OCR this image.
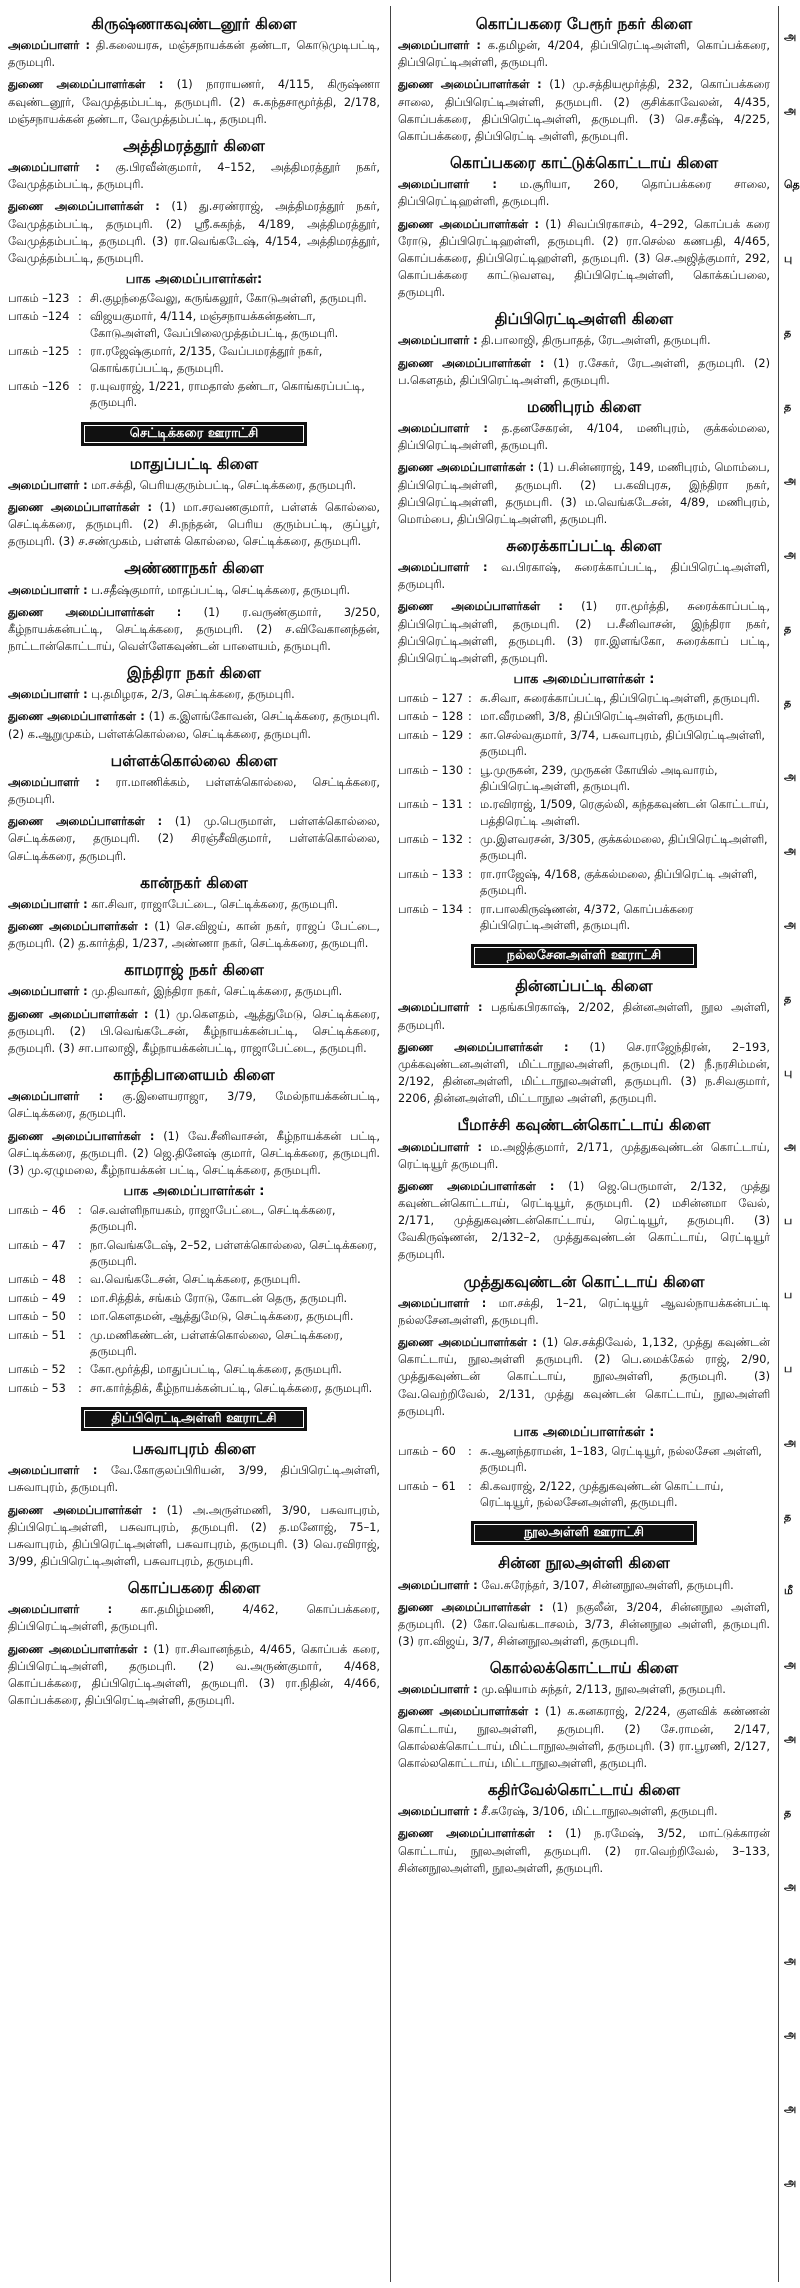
கிருஷ்ணாகவுண்டனூர் கிளை
அமைப்பாளர் : தி.கலையரசு, மஞ்சநாயக்கன் தண்டா, கொடுமுடிபட்டி, தருமபுரி.
துணை அமைப்பாளர்கள் : (1) நாராயணர், 4/115, கிருஷ்ணா கவுண்டனூர், வேமுத்தம்பட்டி, தருமபுரி. (2) சு.கந்தசாமூர்த்தி, 2/178, மஞ்சநாயக்கன் தண்டா, வேமுத்தம்பட்டி, தருமபுரி.
அத்திமரத்தூர் கிளை
அமைப்பாளர் : கு.பிரவீன்குமார், 4–152, அத்திமரத்தூர் நகர், வேமுத்தம்பட்டி, தருமபுரி.
துணை அமைப்பாளர்கள் : (1) து.சரண்ராஜ், அத்திமரத்தூர் நகர், வேமுத்தம்பட்டி, தருமபுரி. (2) ஸ்ரீ.சுகந்த், 4/189, அத்திமரத்தூர், வேமுத்தம்பட்டி, தருமபுரி. (3) ரா.வெங்கடேஷ், 4/154, அத்திமரத்தூர், வேமுத்தம்பட்டி, தருமபுரி.
பாக அமைப்பாளர்கள்:
பாகம் –123	:	சி.குழந்தைவேலு, கருங்கலூர், கோடுஅள்ளி, தருமபுரி.
பாகம் –124	:	விஜயகுமார், 4/114, மஞ்சநாயக்கன்தண்டா, கோடுஅள்ளி, வேப்பிலைமுத்தம்பட்டி, தருமபுரி.
பாகம் –125	:	ரா.ரஜேஷ்குமார், 2/135, வேப்பமரத்தூர் நகர், கொங்கரப்பட்டி, தருமபுரி.
பாகம் –126	:	ர.யுவராஜ், 1/221, ராமதாஸ் தண்டா, கொங்கரப்பட்டி, தருமபுரி.
செட்டிக்கரை ஊராட்சி
மாதுப்பட்டி கிளை
அமைப்பாளர் : மா.சக்தி, பெரியகுரும்பட்டி, செட்டிக்கரை, தருமபுரி.
துணை அமைப்பாளர்கள் : (1) மா.சரவணகுமார், பள்ளக் கொல்லை, செட்டிக்கரை, தருமபுரி. (2) சி.நந்தன், பெரிய குரும்பட்டி, குப்பூர், தருமபுரி. (3) ச.சண்முகம், பள்ளக் கொல்லை, செட்டிக்கரை, தருமபுரி.
அண்ணாநகர் கிளை
அமைப்பாளர் : ப.சதீஷ்குமார், மாதப்பட்டி, செட்டிக்கரை, தருமபுரி.
துணை அமைப்பாளர்கள் : (1) ர.வருண்குமார், 3/250, கீழ்நாயக்கன்பட்டி, செட்டிக்கரை, தருமபுரி. (2) ச.விவேகானந்தன், நாட்டான்கொட்டாய், வெள்ளேகவுண்டன் பாளையம், தருமபுரி.
இந்திரா நகர் கிளை
அமைப்பாளர் : பு.தமிழரசு, 2/3, செட்டிக்கரை, தருமபுரி.
துணை அமைப்பாளர்கள் : (1) க.இளங்கோவன், செட்டிக்கரை, தருமபுரி. (2) க.ஆறுமுகம், பள்ளக்கொல்லை, செட்டிக்கரை, தருமபுரி.
பள்ளக்கொல்லை கிளை
அமைப்பாளர் : ரா.மாணிக்கம், பள்ளக்கொல்லை, செட்டிக்கரை, தருமபுரி.
துணை அமைப்பாளர்கள் : (1) மு.பெருமாள், பள்ளக்கொல்லை, செட்டிக்கரை, தருமபுரி. (2) சிரஞ்சீவிகுமார், பள்ளக்கொல்லை, செட்டிக்கரை, தருமபுரி.
கான்நகர் கிளை
அமைப்பாளர் : கா.சிவா, ராஜாபேட்டை, செட்டிக்கரை, தருமபுரி.
துணை அமைப்பாளர்கள் : (1) செ.விஜய், கான் நகர், ராஜப் பேட்டை, தருமபுரி. (2) த.கார்த்தி, 1/237, அண்ணா நகர், செட்டிக்கரை, தருமபுரி.
காமராஜ் நகர் கிளை
அமைப்பாளர் : மு.திவாகர், இந்திரா நகர், செட்டிக்கரை, தருமபுரி.
துணை அமைப்பாளர்கள் : (1) மு.கௌதம், ஆத்துமேடு, செட்டிக்கரை, தருமபுரி. (2) பி.வெங்கடேசன், கீழ்நாயக்கன்பட்டி, செட்டிக்கரை, தருமபுரி. (3) சா.பாலாஜி, கீழ்நாயக்கன்பட்டி, ராஜாபேட்டை, தருமபுரி.
காந்திபாளையம் கிளை
அமைப்பாளர் : கு.இளையராஜா, 3/79, மேல்நாயக்கன்பட்டி, செட்டிக்கரை, தருமபுரி.
துணை அமைப்பாளர்கள் : (1) வே.சீனிவாசன், கீழ்நாயக்கன் பட்டி, செட்டிக்கரை, தருமபுரி. (2) ஜெ.தினேஷ் குமார், செட்டிக்கரை, தருமபுரி. (3) மு.ஏழுமலை, கீழ்நாயக்கன் பட்டி, செட்டிக்கரை, தருமபுரி.
பாக அமைப்பாளர்கள் :
பாகம் – 46	:	செ.வள்ளிநாயகம், ராஜாபேட்டை, செட்டிக்கரை, தருமபுரி.
பாகம் – 47	:	நா.வெங்கடேஷ், 2–52, பள்ளக்கொல்லை, செட்டிக்கரை, தருமபுரி.
பாகம் – 48	:	வ.வெங்கடேசன், செட்டிக்கரை, தருமபுரி.
பாகம் – 49	:	மா.சித்திக், சங்கம் ரோடு, கோடன் தெரு, தருமபுரி.
பாகம் – 50	:	மா.கௌதமன், ஆத்துமேடு, செட்டிக்கரை, தருமபுரி.
பாகம் – 51	:	மு.மணிகண்டன், பள்ளக்கொல்லை, செட்டிக்கரை, தருமபுரி.
பாகம் – 52	:	கோ.மூர்த்தி, மாதுப்பட்டி, செட்டிக்கரை, தருமபுரி.
பாகம் – 53	:	சா.கார்த்திக், கீழ்நாயக்கன்பட்டி, செட்டிக்கரை, தருமபுரி.
திப்பிரெட்டிஅள்ளி ஊராட்சி
பசுவாபுரம் கிளை
அமைப்பாளர் : வே.கோகுலப்பிரியன், 3/99, திப்பிரெட்டிஅள்ளி, பசுவாபுரம், தருமபுரி.
துணை அமைப்பாளர்கள் : (1) அ.அருள்மணி, 3/90, பசுவாபுரம், திப்பிரெட்டிஅள்ளி, பசுவாபுரம், தருமபுரி. (2) த.மனோஜ், 75–1, பசுவாபுரம், திப்பிரெட்டிஅள்ளி, பசுவாபுரம், தருமபுரி. (3) வெ.ரவிராஜ், 3/99, திப்பிரெட்டிஅள்ளி, பசுவாபுரம், தருமபுரி.
கொப்பகரை கிளை
அமைப்பாளர் : கா.தமிழ்மணி, 4/462, கொப்பக்கரை, திப்பிரெட்டிஅள்ளி, தருமபுரி.
துணை அமைப்பாளர்கள் : (1) ரா.சிவானந்தம், 4/465, கொப்பக் கரை, திப்பிரெட்டிஅள்ளி, தருமபுரி. (2) வ.அருண்குமார், 4/468, கொப்பக்கரை, திப்பிரெட்டிஅள்ளி, தருமபுரி. (3) ரா.நிதின், 4/466, கொப்பக்கரை, திப்பிரெட்டிஅள்ளி, தருமபுரி.
கொப்பகரை பேரூர் நகர் கிளை
அமைப்பாளர் : க.தமிழன், 4/204, திப்பிரெட்டிஅள்ளி, கொப்பக்கரை, திப்பிரெட்டிஅள்ளி, தருமபுரி.
துணை அமைப்பாளர்கள் : (1) மு.சத்தியமூர்த்தி, 232, கொப்பக்கரை சாலை, திப்பிரெட்டிஅள்ளி, தருமபுரி. (2) குசிக்காவேலன், 4/435, கொப்பக்கரை, திப்பிரெட்டிஅள்ளி, தருமபுரி. (3) செ.சதீஷ், 4/225, கொப்பக்கரை, திப்பிரெட்டி அள்ளி, தருமபுரி.
கொப்பகரை காட்டுக்கொட்டாய் கிளை
அமைப்பாளர் : ம.சூரியா, 260, தொப்பக்கரை சாலை, திப்பிரெட்டிஹள்ளி, தருமபுரி.
துணை அமைப்பாளர்கள் : (1) சிவப்பிரகாசம், 4–292, கொப்பக் கரை ரோடு, திப்பிரெட்டிஹள்ளி, தருமபுரி. (2) ரா.செல்ல கணபதி, 4/465, கொப்பக்கரை, திப்பிரெட்டிஹள்ளி, தருமபுரி. (3) செ.அஜித்குமார், 292, கொப்பக்கரை காட்டுவளவு, திப்பிரெட்டிஅள்ளி, கொக்கப்பலை, தருமபுரி.
திப்பிரெட்டிஅள்ளி கிளை
அமைப்பாளர் : தி.பாலாஜி, திருபாதத், ரேடஅள்ளி, தருமபுரி.
துணை அமைப்பாளர்கள் : (1) ர.சேகர், ரேடஅள்ளி, தருமபுரி. (2) ப.கெளதம், திப்பிரெட்டிஅள்ளி, தருமபுரி.
மணிபுரம் கிளை
அமைப்பாளர் : த.தனசேகரன், 4/104, மணிபுரம், குக்கல்மலை, திப்பிரெட்டிஅள்ளி, தருமபுரி.
துணை அமைப்பாளர்கள் : (1) ப.சின்னராஜ், 149, மணிபுரம், மொம்பை, திப்பிரெட்டிஅள்ளி, தருமபுரி. (2) ப.கவிபுரசு, இந்திரா நகர், திப்பிரெட்டிஅள்ளி, தருமபுரி. (3) ம.வெங்கடேசன், 4/89, மணிபுரம், மொம்பை, திப்பிரெட்டிஅள்ளி, தருமபுரி.
சுரைக்காப்பட்டி கிளை
அமைப்பாளர் : வ.பிரகாஷ், சுரைக்காப்பட்டி, திப்பிரெட்டிஅள்ளி, தருமபுரி.
துணை அமைப்பாளர்கள் : (1) ரா.மூர்த்தி, சுரைக்காப்பட்டி, திப்பிரெட்டிஅள்ளி, தருமபுரி. (2) ப.சீனிவாசன், இந்திரா நகர், திப்பிரெட்டிஅள்ளி, தருமபுரி. (3) ரா.இளங்கோ, சுரைக்காப் பட்டி, திப்பிரெட்டிஅள்ளி, தருமபுரி.
பாக அமைப்பாளர்கள் :
பாகம் – 127	:	சு.சிவா, சுரைக்காப்பட்டி, திப்பிரெட்டிஅள்ளி, தருமபுரி.
பாகம் – 128	:	மா.வீரமணி, 3/8, திப்பிரெட்டிஅள்ளி, தருமபுரி.
பாகம் – 129	:	கா.செல்வகுமார், 3/74, பசுவாபுரம், திப்பிரெட்டிஅள்ளி, தருமபுரி.
பாகம் – 130	:	பூ.முருகன், 239, முருகன் கோயில் அடிவாரம், திப்பிரெட்டிஅள்ளி, தருமபுரி.
பாகம் – 131	:	ம.ரவிராஜ், 1/509, ரெகுல்லி, கந்தகவுண்டன் கொட்டாய், பத்திரெட்டி அள்ளி.
பாகம் – 132	:	மு.இளவரசன், 3/305, குக்கல்மலை, திப்பிரெட்டிஅள்ளி, தருமபுரி.
பாகம் – 133	:	ரா.ராஜேஷ், 4/168, குக்கல்மலை, திப்பிரெட்டி அள்ளி, தருமபுரி.
பாகம் – 134	:	ரா.பாலகிருஷ்ணன், 4/372, கொப்பக்கரை திப்பிரெட்டிஅள்ளி, தருமபுரி.
நல்லசேனஅள்ளி ஊராட்சி
தின்னப்பட்டி கிளை
அமைப்பாளர் : பதங்கபிரகாஷ், 2/202, தின்னஅள்ளி, நூல அள்ளி, தருமபுரி.
துணை அமைப்பாளர்கள் : (1) செ.ராஜேந்திரன், 2–193, முக்கவுண்டனஅள்ளி, மிட்டாநூலஅள்ளி, தருமபுரி. (2) நீ.நரசிம்மன், 2/192, தின்னஅள்ளி, மிட்டாநூலஅள்ளி, தருமபுரி. (3) ந.சிவகுமார், 2206, தின்னஅள்ளி, மிட்டாநூல அள்ளி, தருமபுரி.
பீமாச்சி கவுண்டன்கொட்டாய் கிளை
அமைப்பாளர் : ம.அஜித்குமார், 2/171, முத்துகவுண்டன் கொட்டாய், ரெட்டியூர் தருமபுரி.
துணை அமைப்பாளர்கள் : (1) ஜெ.பெருமாள், 2/132, முத்து கவுண்டன்கொட்டாய், ரெட்டியூர், தருமபுரி. (2) மசின்னமா வேல், 2/171, முத்துகவுண்டன்கொட்டாய், ரெட்டியூர், தருமபுரி. (3) வேகிருஷ்ணன், 2/132–2, முத்துகவுண்டன் கொட்டாய், ரெட்டியூர் தருமபுரி.
முத்துகவுண்டன் கொட்டாய் கிளை
அமைப்பாளர் : மா.சக்தி, 1–21, ரெட்டியூர் ஆவல்நாயக்கன்பட்டி நல்லசேனஅள்ளி, தருமபுரி.
துணை அமைப்பாளர்கள் : (1) செ.சக்திவேல், 1,132, முத்து கவுண்டன் கொட்டாய், நூலஅள்ளி தருமபுரி. (2) பெ.மைக்கேல் ராஜ், 2/90, முத்துகவுண்டன் கொட்டாய், நூலஅள்ளி, தருமபுரி. (3) வே.வெற்றிவேல், 2/131, முத்து கவுண்டன் கொட்டாய், நூலஅள்ளி தருமபுரி.
பாக அமைப்பாளர்கள் :
பாகம் – 60	:	சு.ஆனந்தராமன், 1–183, ரெட்டியூர், நல்லசேன அள்ளி, தருமபுரி.
பாகம் – 61	:	கி.கவராஜ், 2/122, முத்துகவுண்டன் கொட்டாய், ரெட்டியூர், நல்லசேனஅள்ளி, தருமபுரி.
நூலஅள்ளி ஊராட்சி
சின்ன நூலஅள்ளி கிளை
அமைப்பாளர் : வே.சுரேந்தர், 3/107, சின்னநூலஅள்ளி, தருமபுரி.
துணை அமைப்பாளர்கள் : (1) நகுலீன், 3/204, சின்னநூல அள்ளி, தருமபுரி. (2) கோ.வெங்கடாசலம், 3/73, சின்னநூல அள்ளி, தருமபுரி. (3) ரா.விஜய், 3/7, சின்னநூலஅள்ளி, தருமபுரி.
கொல்லக்கொட்டாய் கிளை
அமைப்பாளர் : மு.ஷியாம் சுந்தர், 2/113, நூலஅள்ளி, தருமபுரி.
துணை அமைப்பாளர்கள் : (1) க.கனகராஜ், 2/224, குளவிக் கண்ணன் கொட்டாய், நூலஅள்ளி, தருமபுரி. (2) சே.ராமன், 2/147, கொல்லக்கொட்டாய், மிட்டாநூலஅள்ளி, தருமபுரி. (3) ரா.பூரணி, 2/127, கொல்லகொட்டாய், மிட்டாநூலஅள்ளி, தருமபுரி.
கதிர்வேல்கொட்டாய் கிளை
அமைப்பாளர் : சீ.சுரேஷ், 3/106, மிட்டாநூலஅள்ளி, தருமபுரி.
துணை அமைப்பாளர்கள் : (1) ந.ரமேஷ், 3/52, மாட்டுக்காரன் கொட்டாய், நூலஅள்ளி, தருமபுரி. (2) ரா.வெற்றிவேல், 3–133, சின்னநூலஅள்ளி, நூலஅள்ளி, தருமபுரி.
அ
அ
தெ
பு
த
த
அ
அ
த
த
அ
அ
அ
த
பு
அ
ப
ப
ப
அ
த
மீ
அ
அ
த
அ
அ
அ
அ
அ
